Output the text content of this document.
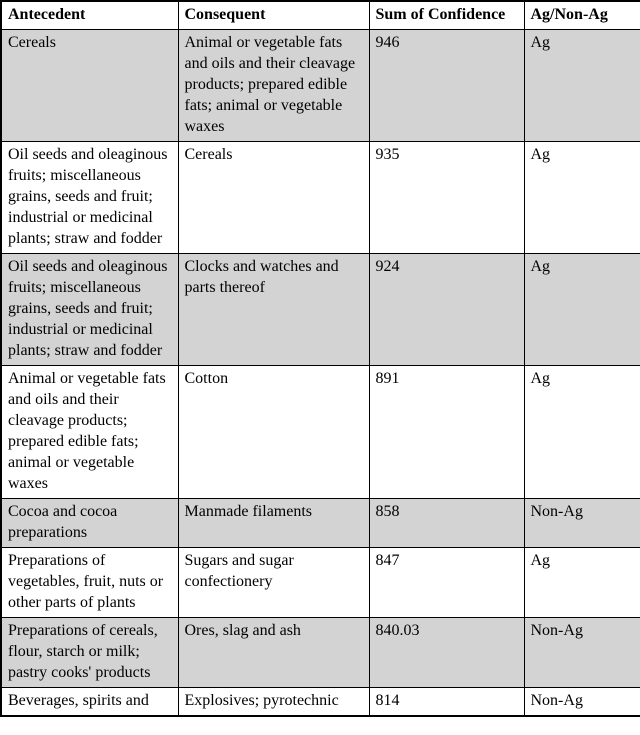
Antecedent	Consequent	Sum of Confidence	Ag/Non-Ag
Cereals	Animal or vegetable fats and oils and their cleavage products; prepared edible fats; animal or vegetable waxes	946	Ag
Oil seeds and oleaginous fruits; miscellaneous grains, seeds and fruit; industrial or medicinal plants; straw and fodder	Cereals	935	Ag
Oil seeds and oleaginous fruits; miscellaneous grains, seeds and fruit; industrial or medicinal plants; straw and fodder	Clocks and watches and parts thereof	924	Ag
Animal or vegetable fats and oils and their cleavage products; prepared edible fats; animal or vegetable waxes	Cotton	891	Ag
Cocoa and cocoa preparations	Manmade filaments	858	Non-Ag
Preparations of vegetables, fruit, nuts or other parts of plants	Sugars and sugar confectionery	847	Ag
Preparations of cereals, flour, starch or milk; pastry cooks' products	Ores, slag and ash	840.03	Non-Ag
Beverages, spirits and	Explosives; pyrotechnic	814	Non-Ag
